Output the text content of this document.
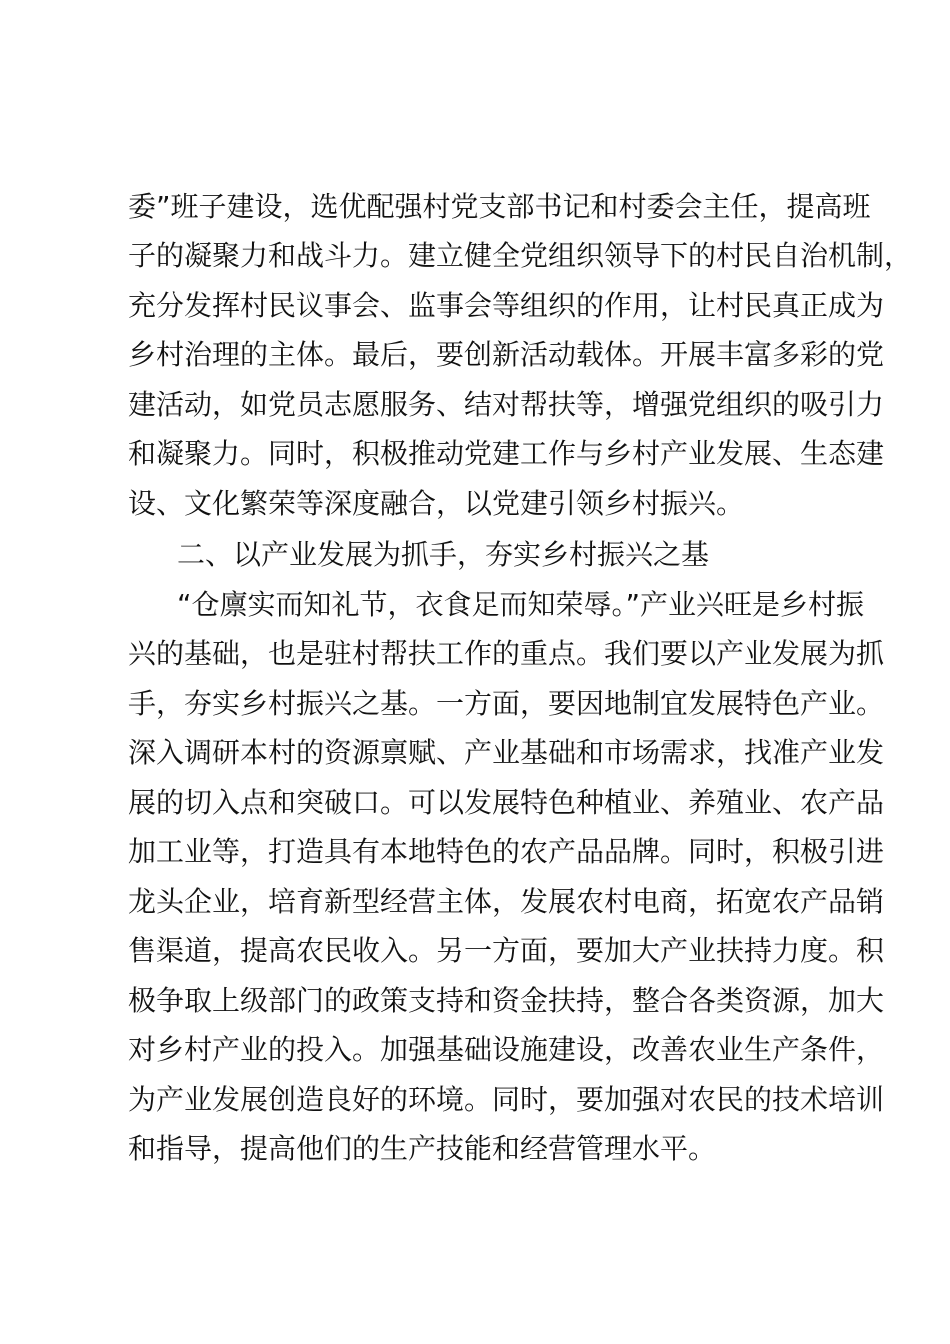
委”班子建设，选优配强村党支部书记和村委会主任，提高班
子的凝聚力和战斗力。建立健全党组织领导下的村民自治机制，
充分发挥村民议事会、监事会等组织的作用，让村民真正成为
乡村治理的主体。最后，要创新活动载体。开展丰富多彩的党
建活动，如党员志愿服务、结对帮扶等，增强党组织的吸引力
和凝聚力。同时，积极推动党建工作与乡村产业发展、生态建
设、文化繁荣等深度融合，以党建引领乡村振兴。
二、以产业发展为抓手，夯实乡村振兴之基
“仓廪实而知礼节，衣食足而知荣辱。”产业兴旺是乡村振
兴的基础，也是驻村帮扶工作的重点。我们要以产业发展为抓
手，夯实乡村振兴之基。一方面，要因地制宜发展特色产业。
深入调研本村的资源禀赋、产业基础和市场需求，找准产业发
展的切入点和突破口。可以发展特色种植业、养殖业、农产品
加工业等，打造具有本地特色的农产品品牌。同时，积极引进
龙头企业，培育新型经营主体，发展农村电商，拓宽农产品销
售渠道，提高农民收入。另一方面，要加大产业扶持力度。积
极争取上级部门的政策支持和资金扶持，整合各类资源，加大
对乡村产业的投入。加强基础设施建设，改善农业生产条件，
为产业发展创造良好的环境。同时，要加强对农民的技术培训
和指导，提高他们的生产技能和经营管理水平。
